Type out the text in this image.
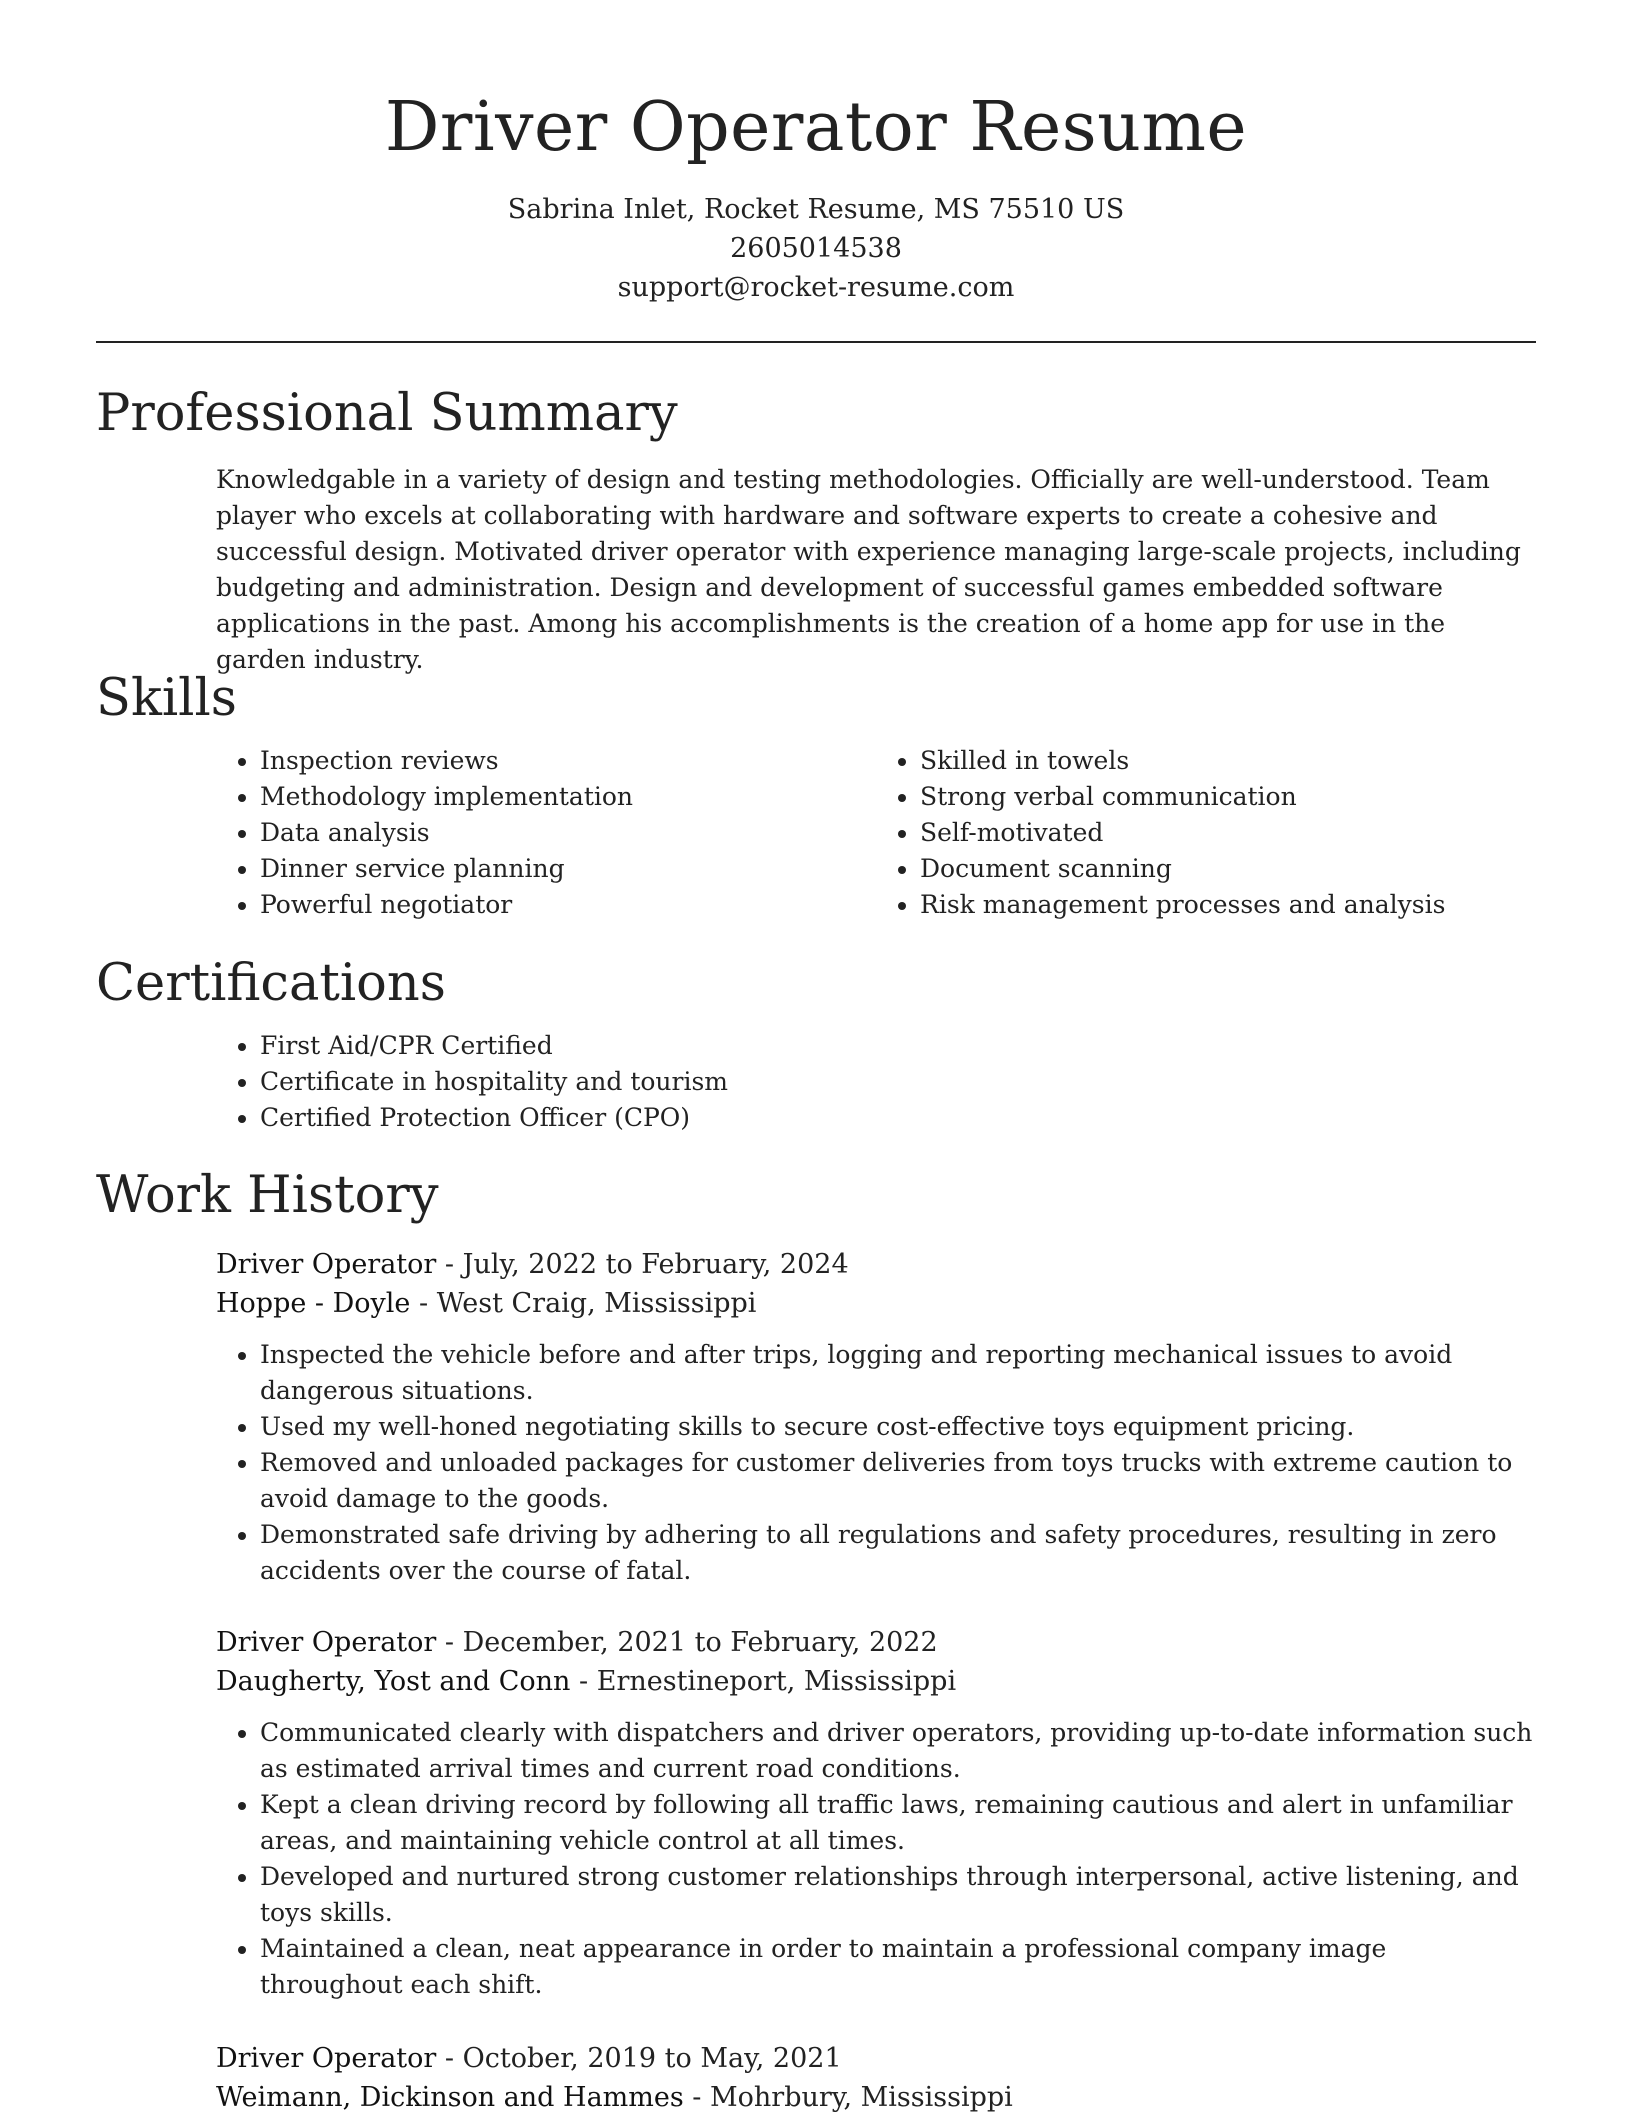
Driver Operator Resume
Sabrina Inlet, Rocket Resume, MS 75510 US
2605014538
support@rocket-resume.com
Professional Summary

Knowledgable in a variety of design and testing methodologies. Officially are well-understood. Team player who excels at collaborating with hardware and software experts to create a cohesive and successful design. Motivated driver operator with experience managing large-scale projects, including budgeting and administration. Design and development of successful games embedded software applications in the past. Among his accomplishments is the creation of a home app for use in the garden industry.

Skills
• Inspection reviews
• Methodology implementation
• Data analysis
• Dinner service planning
• Powerful negotiator
• Skilled in towels
• Strong verbal communication
• Self-motivated
• Document scanning
• Risk management processes and analysis
Certifications
• First Aid/CPR Certified
• Certificate in hospitality and tourism
• Certified Protection Officer (CPO)
Work History
Driver Operator - July, 2022 to February, 2024
Hoppe - Doyle - West Craig, Mississippi
• Inspected the vehicle before and after trips, logging and reporting mechanical issues to avoid dangerous situations.
• Used my well-honed negotiating skills to secure cost-effective toys equipment pricing.
• Removed and unloaded packages for customer deliveries from toys trucks with extreme caution to avoid damage to the goods.
• Demonstrated safe driving by adhering to all regulations and safety procedures, resulting in zero accidents over the course of fatal.
Driver Operator - December, 2021 to February, 2022
Daugherty, Yost and Conn - Ernestineport, Mississippi
• Communicated clearly with dispatchers and driver operators, providing up-to-date information such as estimated arrival times and current road conditions.
• Kept a clean driving record by following all traffic laws, remaining cautious and alert in unfamiliar areas, and maintaining vehicle control at all times.
• Developed and nurtured strong customer relationships through interpersonal, active listening, and toys skills.
• Maintained a clean, neat appearance in order to maintain a professional company image throughout each shift.
Driver Operator - October, 2019 to May, 2021
Weimann, Dickinson and Hammes - Mohrbury, Mississippi
